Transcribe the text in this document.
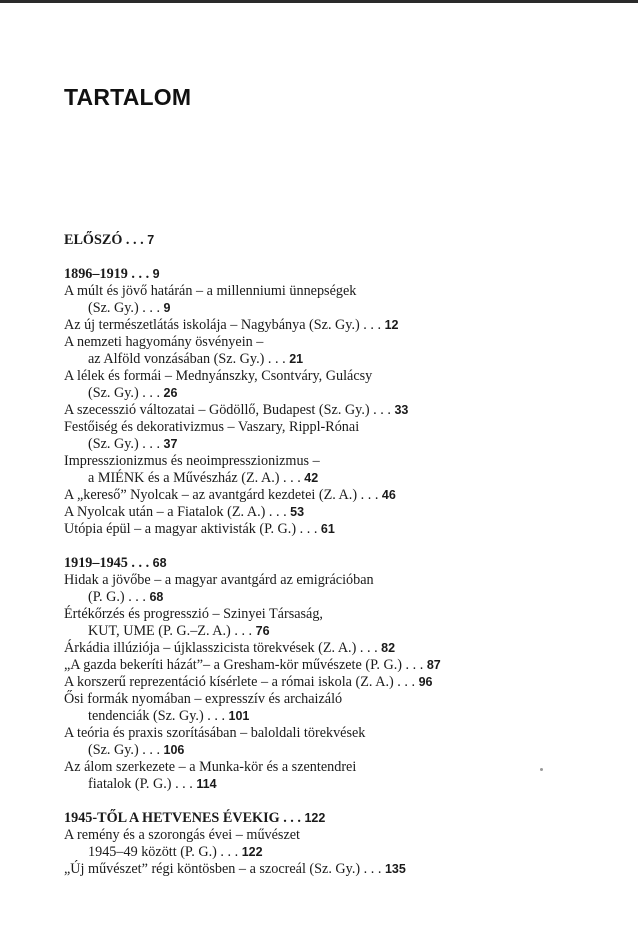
TARTALOM
ELŐSZÓ . . . 7
1896–1919 . . . 9
A múlt és jövő határán – a millenniumi ünnepségek
(Sz. Gy.) . . . 9
Az új természetlátás iskolája – Nagybánya (Sz. Gy.) . . . 12
A nemzeti hagyomány ösvényein –
az Alföld vonzásában (Sz. Gy.) . . . 21
A lélek és formái – Mednyánszky, Csontváry, Gulácsy
(Sz. Gy.) . . . 26
A szecesszió változatai – Gödöllő, Budapest (Sz. Gy.) . . . 33
Festőiség és dekorativizmus – Vaszary, Rippl-Rónai
(Sz. Gy.) . . . 37
Impresszionizmus és neoimpresszionizmus –
a MIÉNK és a Művészház (Z. A.) . . . 42
A „kereső” Nyolcak – az avantgárd kezdetei (Z. A.) . . . 46
A Nyolcak után – a Fiatalok (Z. A.) . . . 53
Utópia épül – a magyar aktivisták (P. G.) . . . 61
1919–1945 . . . 68
Hidak a jövőbe – a magyar avantgárd az emigrációban
(P. G.) . . . 68
Értékőrzés és progresszió – Szinyei Társaság,
KUT, UME (P. G.–Z. A.) . . . 76
Árkádia illúziója – újklasszicista törekvések (Z. A.) . . . 82
„A gazda bekeríti házát”– a Gresham-kör művészete (P. G.) . . . 87
A korszerű reprezentáció kísérlete – a római iskola (Z. A.) . . . 96
Ősi formák nyomában – expresszív és archaizáló
tendenciák (Sz. Gy.) . . . 101
A teória és praxis szorításában – baloldali törekvések
(Sz. Gy.) . . . 106
Az álom szerkezete – a Munka-kör és a szentendrei
fiatalok (P. G.) . . . 114
1945-TŐL A HETVENES ÉVEKIG . . . 122
A remény és a szorongás évei – művészet
1945–49 között (P. G.) . . . 122
„Új művészet” régi köntösben – a szocreál (Sz. Gy.) . . . 135
